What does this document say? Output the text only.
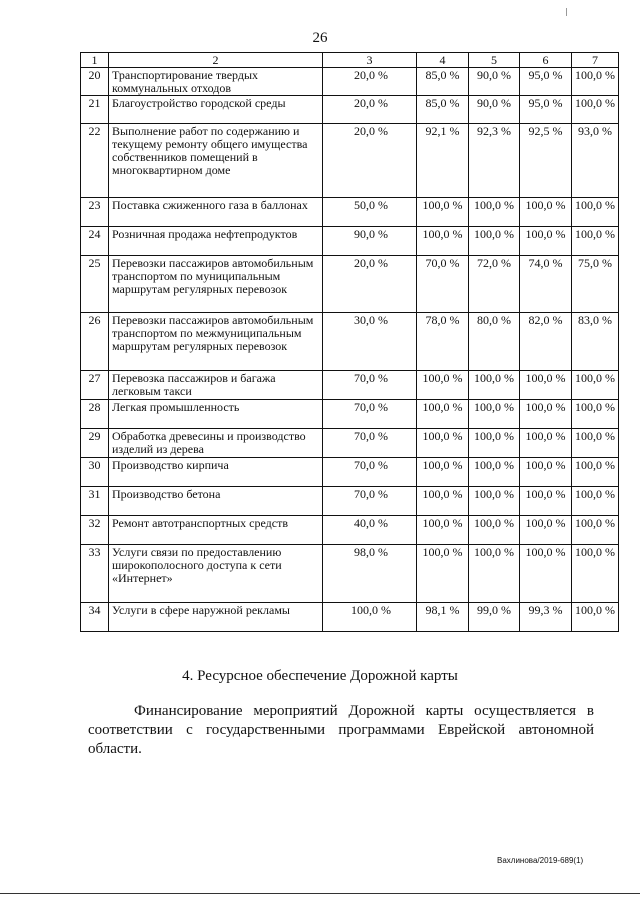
26
1	2	3	4	5	6	7
20	Транспортирование твердых коммунальных отходов	20,0 %	85,0 %	90,0 %	95,0 %	100,0 %
21	Благоустройство городской среды	20,0 %	85,0 %	90,0 %	95,0 %	100,0 %
22	Выполнение работ по содержанию и текущему ремонту общего имущества собственников помещений в многоквартирном доме	20,0 %	92,1 %	92,3 %	92,5 %	93,0 %
23	Поставка сжиженного газа в баллонах	50,0 %	100,0 %	100,0 %	100,0 %	100,0 %
24	Розничная продажа нефтепродуктов	90,0 %	100,0 %	100,0 %	100,0 %	100,0 %
25	Перевозки пассажиров автомобильным транспортом по муниципальным маршрутам регулярных перевозок	20,0 %	70,0 %	72,0 %	74,0 %	75,0 %
26	Перевозки пассажиров автомобильным транспортом по межмуниципальным маршрутам регулярных перевозок	30,0 %	78,0 %	80,0 %	82,0 %	83,0 %
27	Перевозка пассажиров и багажа легковым такси	70,0 %	100,0 %	100,0 %	100,0 %	100,0 %
28	Легкая промышленность	70,0 %	100,0 %	100,0 %	100,0 %	100,0 %
29	Обработка древесины и производство изделий из дерева	70,0 %	100,0 %	100,0 %	100,0 %	100,0 %
30	Производство кирпича	70,0 %	100,0 %	100,0 %	100,0 %	100,0 %
31	Производство бетона	70,0 %	100,0 %	100,0 %	100,0 %	100,0 %
32	Ремонт автотранспортных средств	40,0 %	100,0 %	100,0 %	100,0 %	100,0 %
33	Услуги связи по предоставлению широкополосного доступа к сети «Интернет»	98,0 %	100,0 %	100,0 %	100,0 %	100,0 %
34	Услуги в сфере наружной рекламы	100,0 %	98,1 %	99,0 %	99,3 %	100,0 %
4. Ресурсное обеспечение Дорожной карты
Финансирование мероприятий Дорожной карты осуществляется в соответствии с государственными программами Еврейской автономной области.
Вахлинова/2019-689(1)
